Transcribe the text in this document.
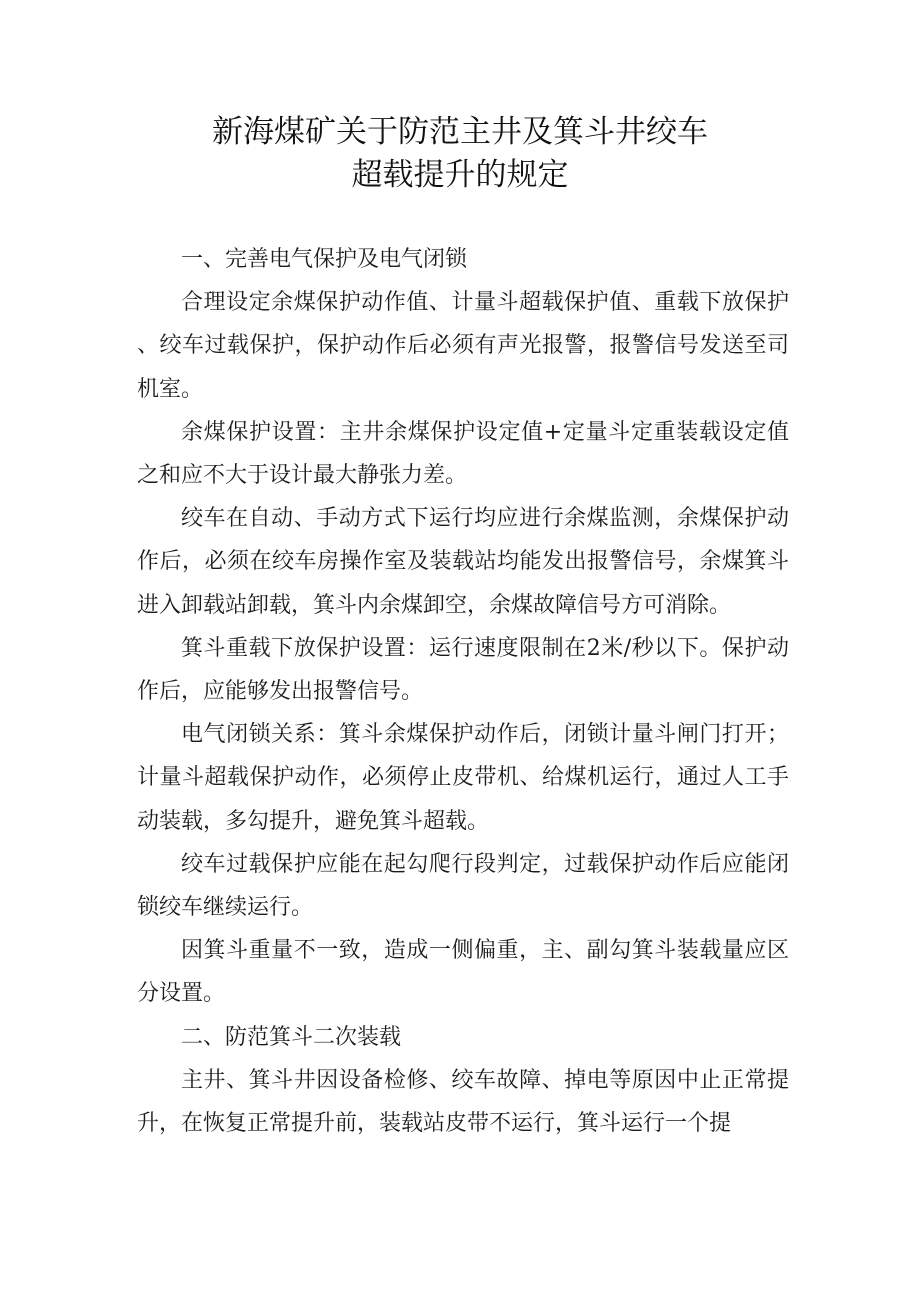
新海煤矿关于防范主井及箕斗井绞车
超载提升的规定

一、完善电气保护及电气闭锁

合理设定余煤保护动作值、计量斗超载保护值、重载下放保护、绞车过载保护，保护动作后必须有声光报警，报警信号发送至司机室。

余煤保护设置：主井余煤保护设定值+定量斗定重装载设定值之和应不大于设计最大静张力差。

绞车在自动、手动方式下运行均应进行余煤监测，余煤保护动作后，必须在绞车房操作室及装载站均能发出报警信号，余煤箕斗进入卸载站卸载，箕斗内余煤卸空，余煤故障信号方可消除。

箕斗重载下放保护设置：运行速度限制在2米/秒以下。保护动作后，应能够发出报警信号。

电气闭锁关系：箕斗余煤保护动作后，闭锁计量斗闸门打开；计量斗超载保护动作，必须停止皮带机、给煤机运行，通过人工手动装载，多勾提升，避免箕斗超载。

绞车过载保护应能在起勾爬行段判定，过载保护动作后应能闭锁绞车继续运行。

因箕斗重量不一致，造成一侧偏重，主、副勾箕斗装载量应区分设置。

二、防范箕斗二次装载

主井、箕斗井因设备检修、绞车故障、掉电等原因中止正常提升，在恢复正常提升前，装载站皮带不运行，箕斗运行一个提
